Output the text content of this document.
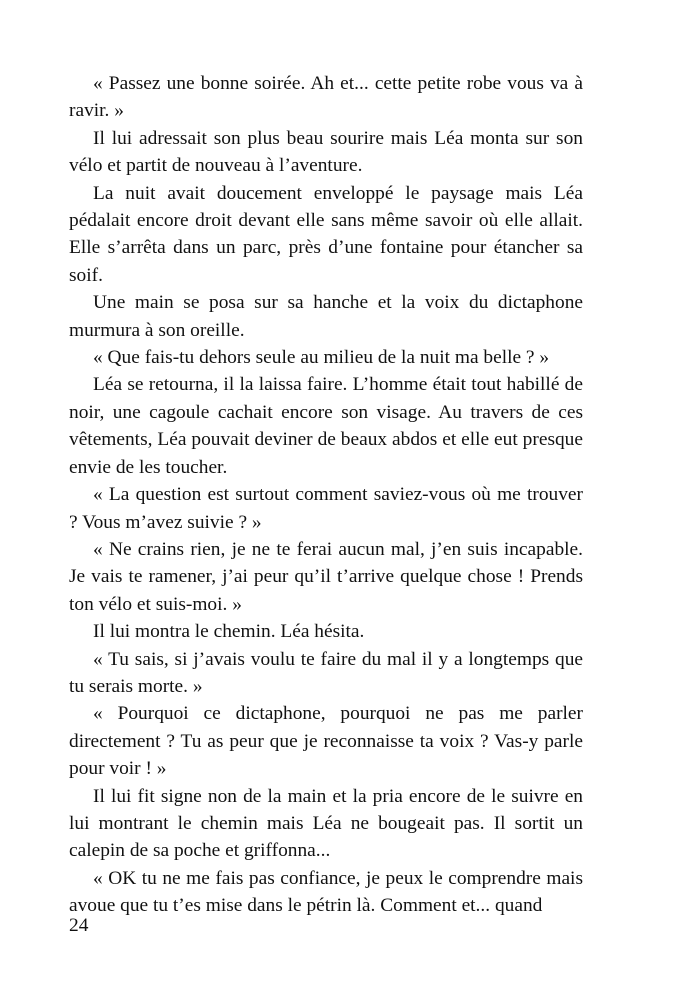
« Passez une bonne soirée. Ah et... cette petite robe vous va à ravir. »

Il lui adressait son plus beau sourire mais Léa monta sur son vélo et partit de nouveau à l’aventure.

La nuit avait doucement enveloppé le paysage mais Léa pédalait encore droit devant elle sans même savoir où elle allait. Elle s’arrêta dans un parc, près d’une fontaine pour étancher sa soif.

Une main se posa sur sa hanche et la voix du dictaphone murmura à son oreille.

« Que fais-tu dehors seule au milieu de la nuit ma belle ? »

Léa se retourna, il la laissa faire. L’homme était tout habillé de noir, une cagoule cachait encore son visage. Au travers de ces vêtements, Léa pouvait deviner de beaux abdos et elle eut presque envie de les toucher.

« La question est surtout comment saviez-vous où me trouver ? Vous m’avez suivie ? »

« Ne crains rien, je ne te ferai aucun mal, j’en suis incapable. Je vais te ramener, j’ai peur qu’il t’arrive quelque chose ! Prends ton vélo et suis-moi. »

Il lui montra le chemin. Léa hésita.

« Tu sais, si j’avais voulu te faire du mal il y a longtemps que tu serais morte. »

« Pourquoi ce dictaphone, pourquoi ne pas me parler directement ? Tu as peur que je reconnaisse ta voix ? Vas-y parle pour voir ! »

Il lui fit signe non de la main et la pria encore de le suivre en lui montrant le chemin mais Léa ne bougeait pas. Il sortit un calepin de sa poche et griffonna...

« OK tu ne me fais pas confiance, je peux le comprendre mais avoue que tu t’es mise dans le pétrin là. Comment et... quand

24
